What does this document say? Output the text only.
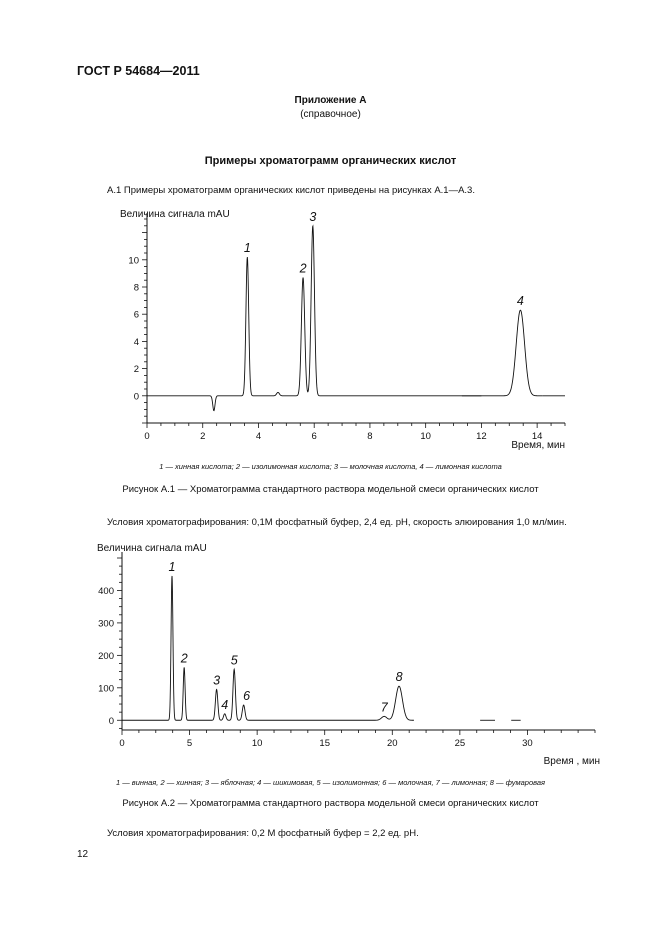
ГОСТ Р 54684—2011
Приложение А
(справочное)
Примеры хроматограмм органических кислот
А.1 Примеры хроматограмм органических кислот приведены на рисунках А.1—А.3.
Величина сигнала mAU
0	2	4	6	8	10	12	14
0
2
4
6
8
10
Время, мин
1
2
3
4
1 — хинная кислота; 2 — изолимонная кислота; 3 — молочная кислота, 4 — лимонная кислота
Рисунок А.1 — Хроматограмма стандартного раствора модельной смеси органических кислот
Условия хроматографирования: 0,1М фосфатный буфер, 2,4 ед. pH, скорость элюирования 1,0 мл/мин.
Величина сигнала mAU
0	5	10	15	20	25	30
0
100
200
300
400
Время , мин
1
2
3
4
5
6
7
8
1 — винная, 2 — хинная; 3 — яблочная; 4 — шикимовая, 5 — изолимонная; 6 — молочная, 7 — лимонная; 8 — фумаровая
Рисунок А.2 — Хроматограмма стандартного раствора модельной смеси органических кислот
Условия хроматографирования: 0,2 М фосфатный буфер = 2,2 ед. pH.
12
